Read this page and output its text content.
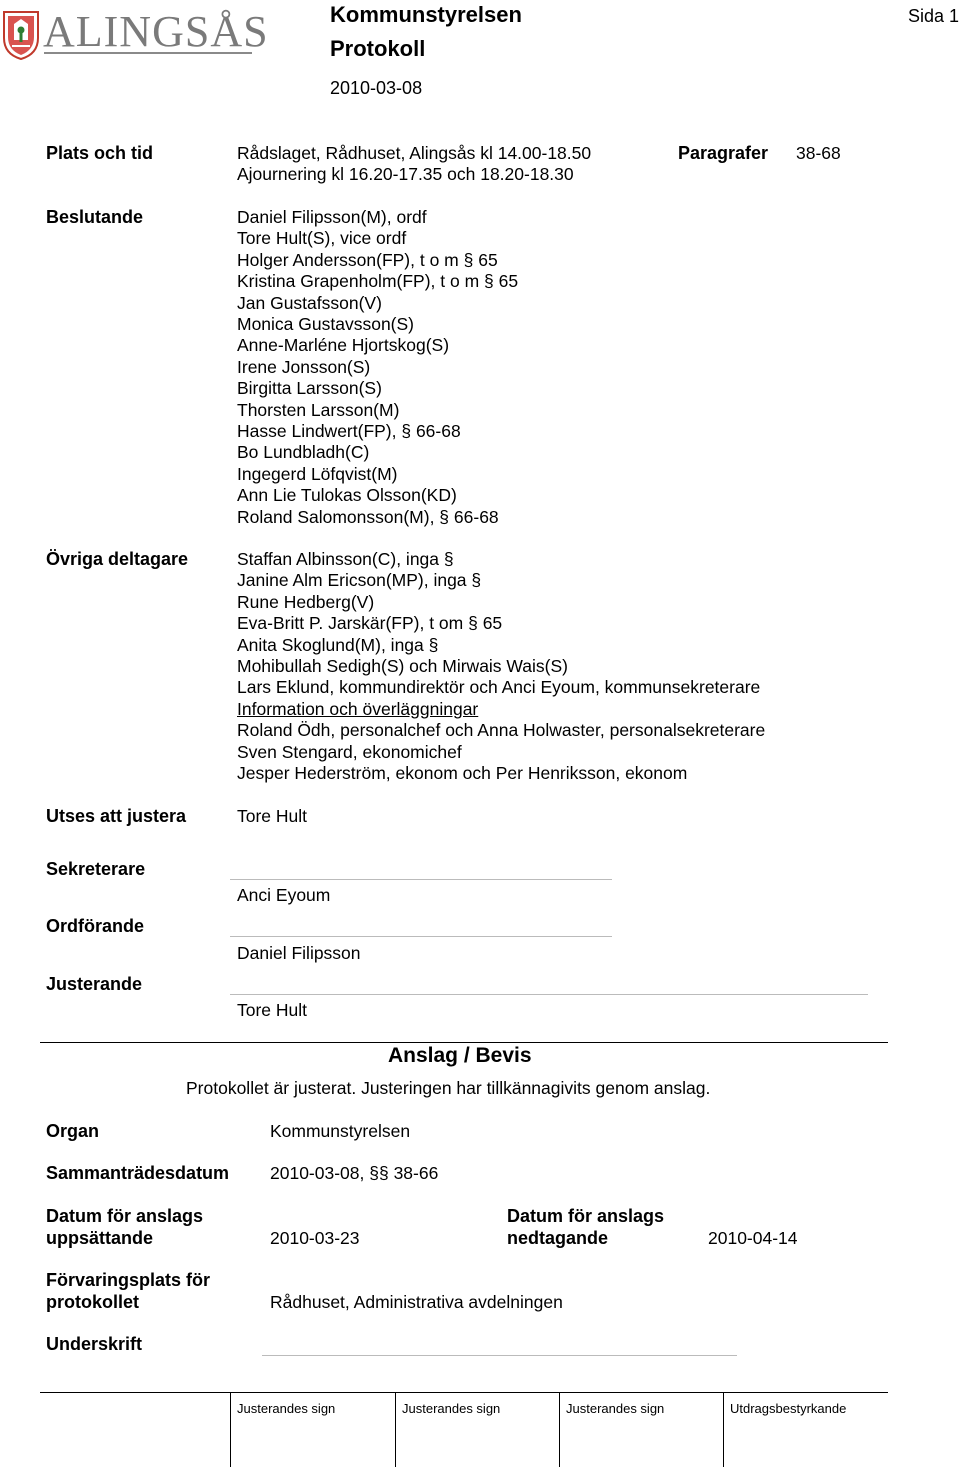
ALINGSÅS	Kommunstyrelsen
Protokoll
2010-03-08
Sida 1
Plats och tid	Rådslaget, Rådhuset, Alingsås kl 14.00-18.50
Ajournering kl 16.20-17.35 och 18.20-18.30
Paragrafer 38-68
Beslutande	Daniel Filipsson(M), ordf
Tore Hult(S), vice ordf
Holger Andersson(FP), t o m § 65
Kristina Grapenholm(FP), t o m § 65
Jan Gustafsson(V)
Monica Gustavsson(S)
Anne-Marléne Hjortskog(S)
Irene Jonsson(S)
Birgitta Larsson(S)
Thorsten Larsson(M)
Hasse Lindwert(FP), § 66-68
Bo Lundbladh(C)
Ingegerd Löfqvist(M)
Ann Lie Tulokas Olsson(KD)
Roland Salomonsson(M), § 66-68
Övriga deltagare	Staffan Albinsson(C), inga §
Janine Alm Ericson(MP), inga §
Rune Hedberg(V)
Eva-Britt P. Jarskär(FP), t om § 65
Anita Skoglund(M), inga §
Mohibullah Sedigh(S) och Mirwais Wais(S)
Lars Eklund, kommundirektör och Anci Eyoum, kommunsekreterare
Information och överläggningar
Roland Ödh, personalchef och Anna Holwaster, personalsekreterare
Sven Stengard, ekonomichef
Jesper Hederström, ekonom och Per Henriksson, ekonom
Utses att justera	Tore Hult
Sekreterare
Anci Eyoum
Ordförande
Daniel Filipsson
Justerande
Tore Hult
Anslag / Bevis
Protokollet är justerat. Justeringen har tillkännagivits genom anslag.
Organ	Kommunstyrelsen
Sammanträdesdatum 2010-03-08, §§ 38-66
Datum för anslags
uppsättande	2010-03-23
Datum för anslags
nedtagande	2010-04-14
Förvaringsplats för
protokollet	Rådhuset, Administrativa avdelningen
Underskrift
Justerandes sign	Justerandes sign	Justerandes sign	Utdragsbestyrkande
